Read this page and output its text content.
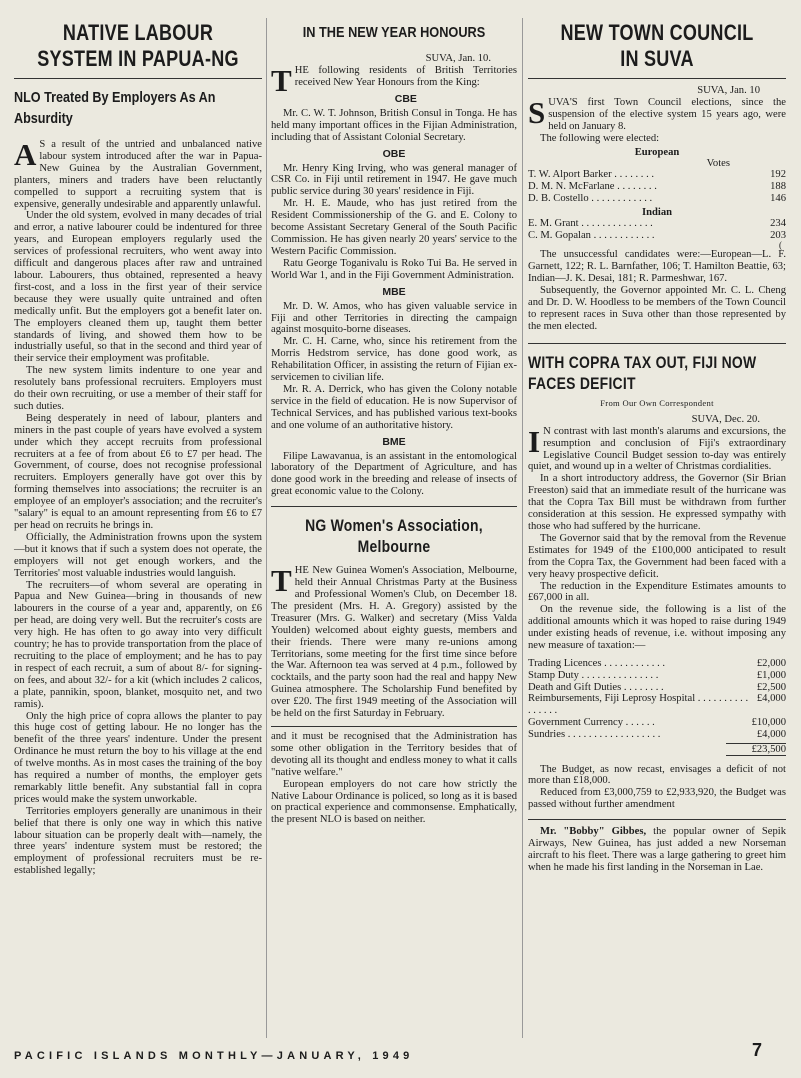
NATIVE LABOUR SYSTEM IN PAPUA-NG
NLO Treated By Employers As An Absurdity

A S a result of the untried and unbalanced native labour system introduced after the war in Papua-New Guinea by the Australian Government, planters, miners and traders have been reluctantly compelled to support a recruiting system that is expensive, generally undesirable and apparently unlawful.

Under the old system, evolved in many decades of trial and error, a native labourer could be indentured for three years, and European employers regularly used the services of professional recruiters, who went away into difficult and dangerous places after raw and untrained labour. Labourers, thus obtained, represented a heavy first-cost, and a loss in the first year of their service because they were usually quite untrained and often medically unfit. But the employers got a benefit later on. The employers cleaned them up, taught them better standards of living, and showed them how to be industrially useful, so that in the second and third year of their service their employment was profitable.

The new system limits indenture to one year and resolutely bans professional recruiters. Employers must do their own recruiting, or use a member of their staff for such duties.

Being desperately in need of labour, planters and miners in the past couple of years have evolved a system under which they accept recruits from professional recruiters at a fee of from about £6 to £7 per head. The Government, of course, does not recognise professional recruiters. Employers generally have got over this by forming themselves into associations; the recruiter is an employee of an employer's association; and the recruiter's "salary" is equal to an amount representing from £6 to £7 per head on recruits he brings in.

Officially, the Administration frowns upon the system—but it knows that if such a system does not operate, the employers will not get enough workers, and the Territories' most valuable industries would languish.

The recruiters—of whom several are operating in Papua and New Guinea—bring in thousands of new labourers in the course of a year and, apparently, on £6 per head, are doing very well. But the recruiter's costs are very high. He has often to go away into very difficult country; he has to provide transportation from the place of recruiting to the place of employment; and he has to pay in respect of each recruit, a sum of about 8/- for signing-on fees, and about 32/- for a kit (which includes 2 calicos, a plate, pannikin, spoon, blanket, mosquito net, and two ramis).

Only the high price of copra allows the planter to pay this huge cost of getting labour. He no longer has the benefit of the three years' indenture. Under the present Ordinance he must return the boy to his village at the end of twelve months. As in most cases the training of the boy has required a number of months, the employer gets remarkably little benefit. Any substantial fall in copra prices would make the system unworkable.

Territories employers generally are unanimous in their belief that there is only one way in which this native labour situation can be properly dealt with—namely, the three years' indenture system must be restored; the employment of professional recruiters must be re-established legally;

IN THE NEW YEAR HONOURS
SUVA, Jan. 10.

THE following residents of British Territories received New Year Honours from the King:

CBE

Mr. C. W. T. Johnson, British Consul in Tonga. He has held many important offices in the Fijian Administration, including that of Assistant Colonial Secretary.

OBE

Mr. Henry King Irving, who was general manager of CSR Co. in Fiji until retirement in 1947. He gave much public service during 30 years' residence in Fiji.

Mr. H. E. Maude, who has just retired from the Resident Commissionership of the G. and E. Colony to become Assistant Secretary General of the South Pacific Commission. He has given nearly 20 years' service to the Western Pacific Commission.

Ratu George Toganivalu is Roko Tui Ba. He served in World War 1, and in the Fiji Government Administration.

MBE

Mr. D. W. Amos, who has given valuable service in Fiji and other Territories in directing the campaign against mosquito-borne diseases.

Mr. C. H. Carne, who, since his retirement from the Morris Hedstrom service, has done good work, as Rehabilitation Officer, in assisting the return of Fijian ex-servicemen to civilian life.

Mr. R. A. Derrick, who has given the Colony notable service in the field of education. He is now Supervisor of Technical Services, and has published various text-books and one volume of an authoritative history.

BME

Filipe Lawavanua, is an assistant in the entomological laboratory of the Department of Agriculture, and has done good work in the breeding and release of insects of great economic value to the Colony.

NG Women's Association, Melbourne

THE New Guinea Women's Association, Melbourne, held their Annual Christmas Party at the Business and Professional Women's Club, on December 18. The president (Mrs. H. A. Gregory) assisted by the Treasurer (Mrs. G. Walker) and secretary (Miss Valda Youlden) welcomed about eighty guests, members and their friends. There were many re-unions among Territorians, some meeting for the first time since before the War. Afternoon tea was served at 4 p.m., followed by cocktails, and the party soon had the real and happy New Guinea atmosphere. The Scholarship Fund benefited by over £20. The first 1949 meeting of the Association will be held on the first Saturday in February.

and it must be recognised that the Administration has some other obligation in the Territory besides that of devoting all its thought and endless money to what it calls "native welfare."

European employers do not care how strictly the Native Labour Ordinance is policed, so long as it is based on practical experience and commonsense. Emphatically, the present NLO is based on neither.

NEW TOWN COUNCIL IN SUVA
SUVA, Jan. 10

SUVA'S first Town Council elections, since the suspension of the elective system 15 years ago, were held on January 8.

The following were elected:

European
	Votes
T. W. Alport Barker . . . . . . . .	192
D. M. N. McFarlane . . . . . . . .	188
D. B. Costello . . . . . . . . . . . .	146
Indian
E. M. Grant . . . . . . . . . . . . . .	234
C. M. Gopalan . . . . . . . . . . . .	203
(

The unsuccessful candidates were:—European—L. F. Garnett, 122; R. L. Barnfather, 106; T. Hamilton Beattie, 63; Indian—J. K. Desai, 181; R. Parmeshwar, 167.

Subsequently, the Governor appointed Mr. C. L. Cheng and Dr. D. W. Hoodless to be members of the Town Council to represent races in Suva other than those represented by the men elected.

WITH COPRA TAX OUT, FIJI NOW FACES DEFICIT
From Our Own Correspondent
SUVA, Dec. 20.

I N contrast with last month's alarums and excursions, the resumption and conclusion of Fiji's extraordinary Legislative Council Budget session to-day was entirely quiet, and wound up in a welter of Christmas cordialities.

In a short introductory address, the Governor (Sir Brian Freeston) said that an immediate result of the hurricane was that the Copra Tax Bill must be withdrawn from further consideration at this session. He expressed sympathy with those who had suffered by the hurricane.

The Governor said that by the removal from the Revenue Estimates for 1949 of the £100,000 anticipated to result from the Copra Tax, the Government had been faced with a very heavy prospective deficit.

The reduction in the Expenditure Estimates amounts to £67,000 in all.

On the revenue side, the following is a list of the additional amounts which it was hoped to raise during 1949 under existing heads of revenue, i.e. without imposing any new measure of taxation:—

Trading Licences . . . . . . . . . . . .	£2,000
Stamp Duty . . . . . . . . . . . . . . .	£1,000
Death and Gift Duties . . . . . . . .	£2,500
Reimbursements, Fiji Leprosy Hospital . . . . . . . . . . . . . . . .	£4,000
Government Currency . . . . . .	£10,000
Sundries . . . . . . . . . . . . . . . . . .	£4,000
£23,500

The Budget, as now recast, envisages a deficit of not more than £18,000.

Reduced from £3,000,759 to £2,933,920, the Budget was passed without further amendment

Mr. "Bobby" Gibbes, the popular owner of Sepik Airways, New Guinea, has just added a new Norseman aircraft to his fleet. There was a large gathering to greet him when he made his first landing in the Norseman in Lae.

PACIFIC ISLANDS MONTHLY—JANUARY, 1949	7
